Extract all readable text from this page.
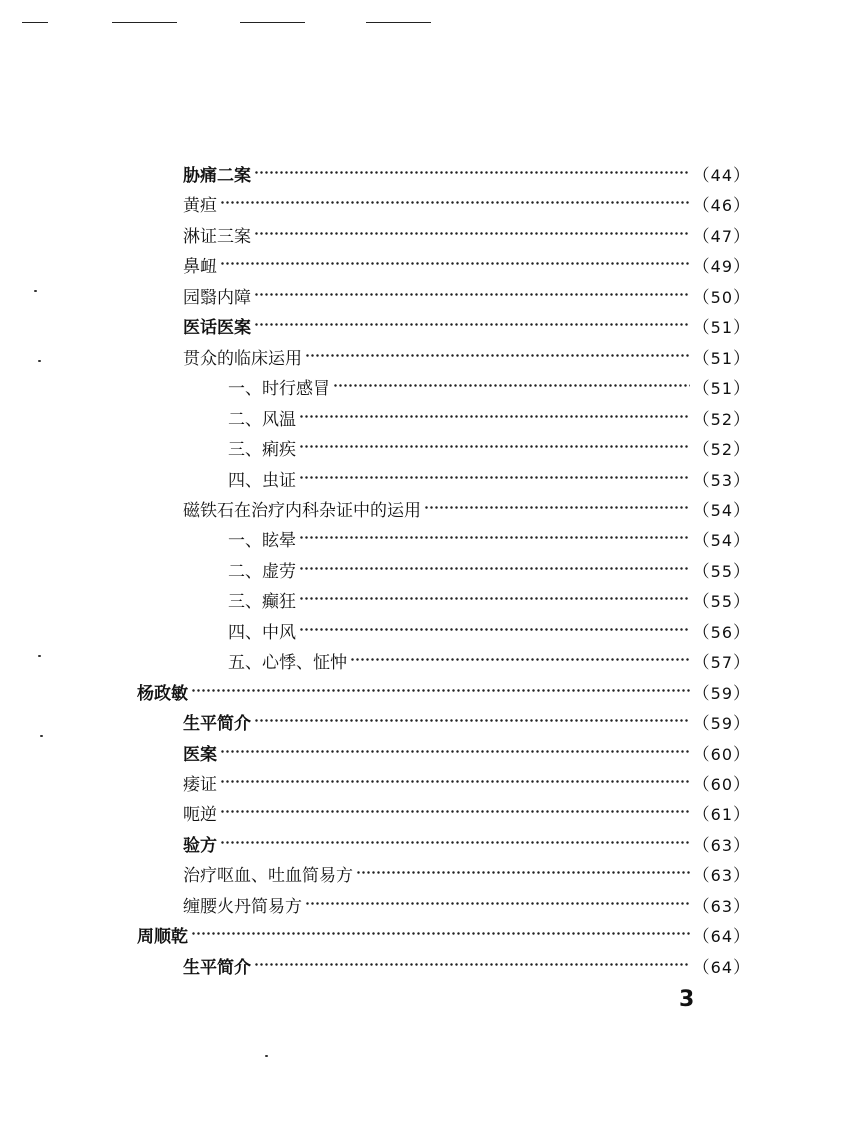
胁痛二案	（44）
黄疸	（46）
淋证三案	（47）
鼻衄	（49）
园翳内障	（50）
医话医案	（51）
贯众的临床运用	（51）
一、时行感冒	（51）
二、风温	（52）
三、痢疾	（52）
四、虫证	（53）
磁铁石在治疗内科杂证中的运用	（54）
一、眩晕	（54）
二、虚劳	（55）
三、癫狂	（55）
四、中风	（56）
五、心悸、怔忡	（57）
杨政敏	（59）
生平简介	（59）
医案	（60）
痿证	（60）
呃逆	（61）
验方	（63）
治疗呕血、吐血简易方	（63）
缠腰火丹简易方	（63）
周顺乾	（64）
生平简介	（64）
3
